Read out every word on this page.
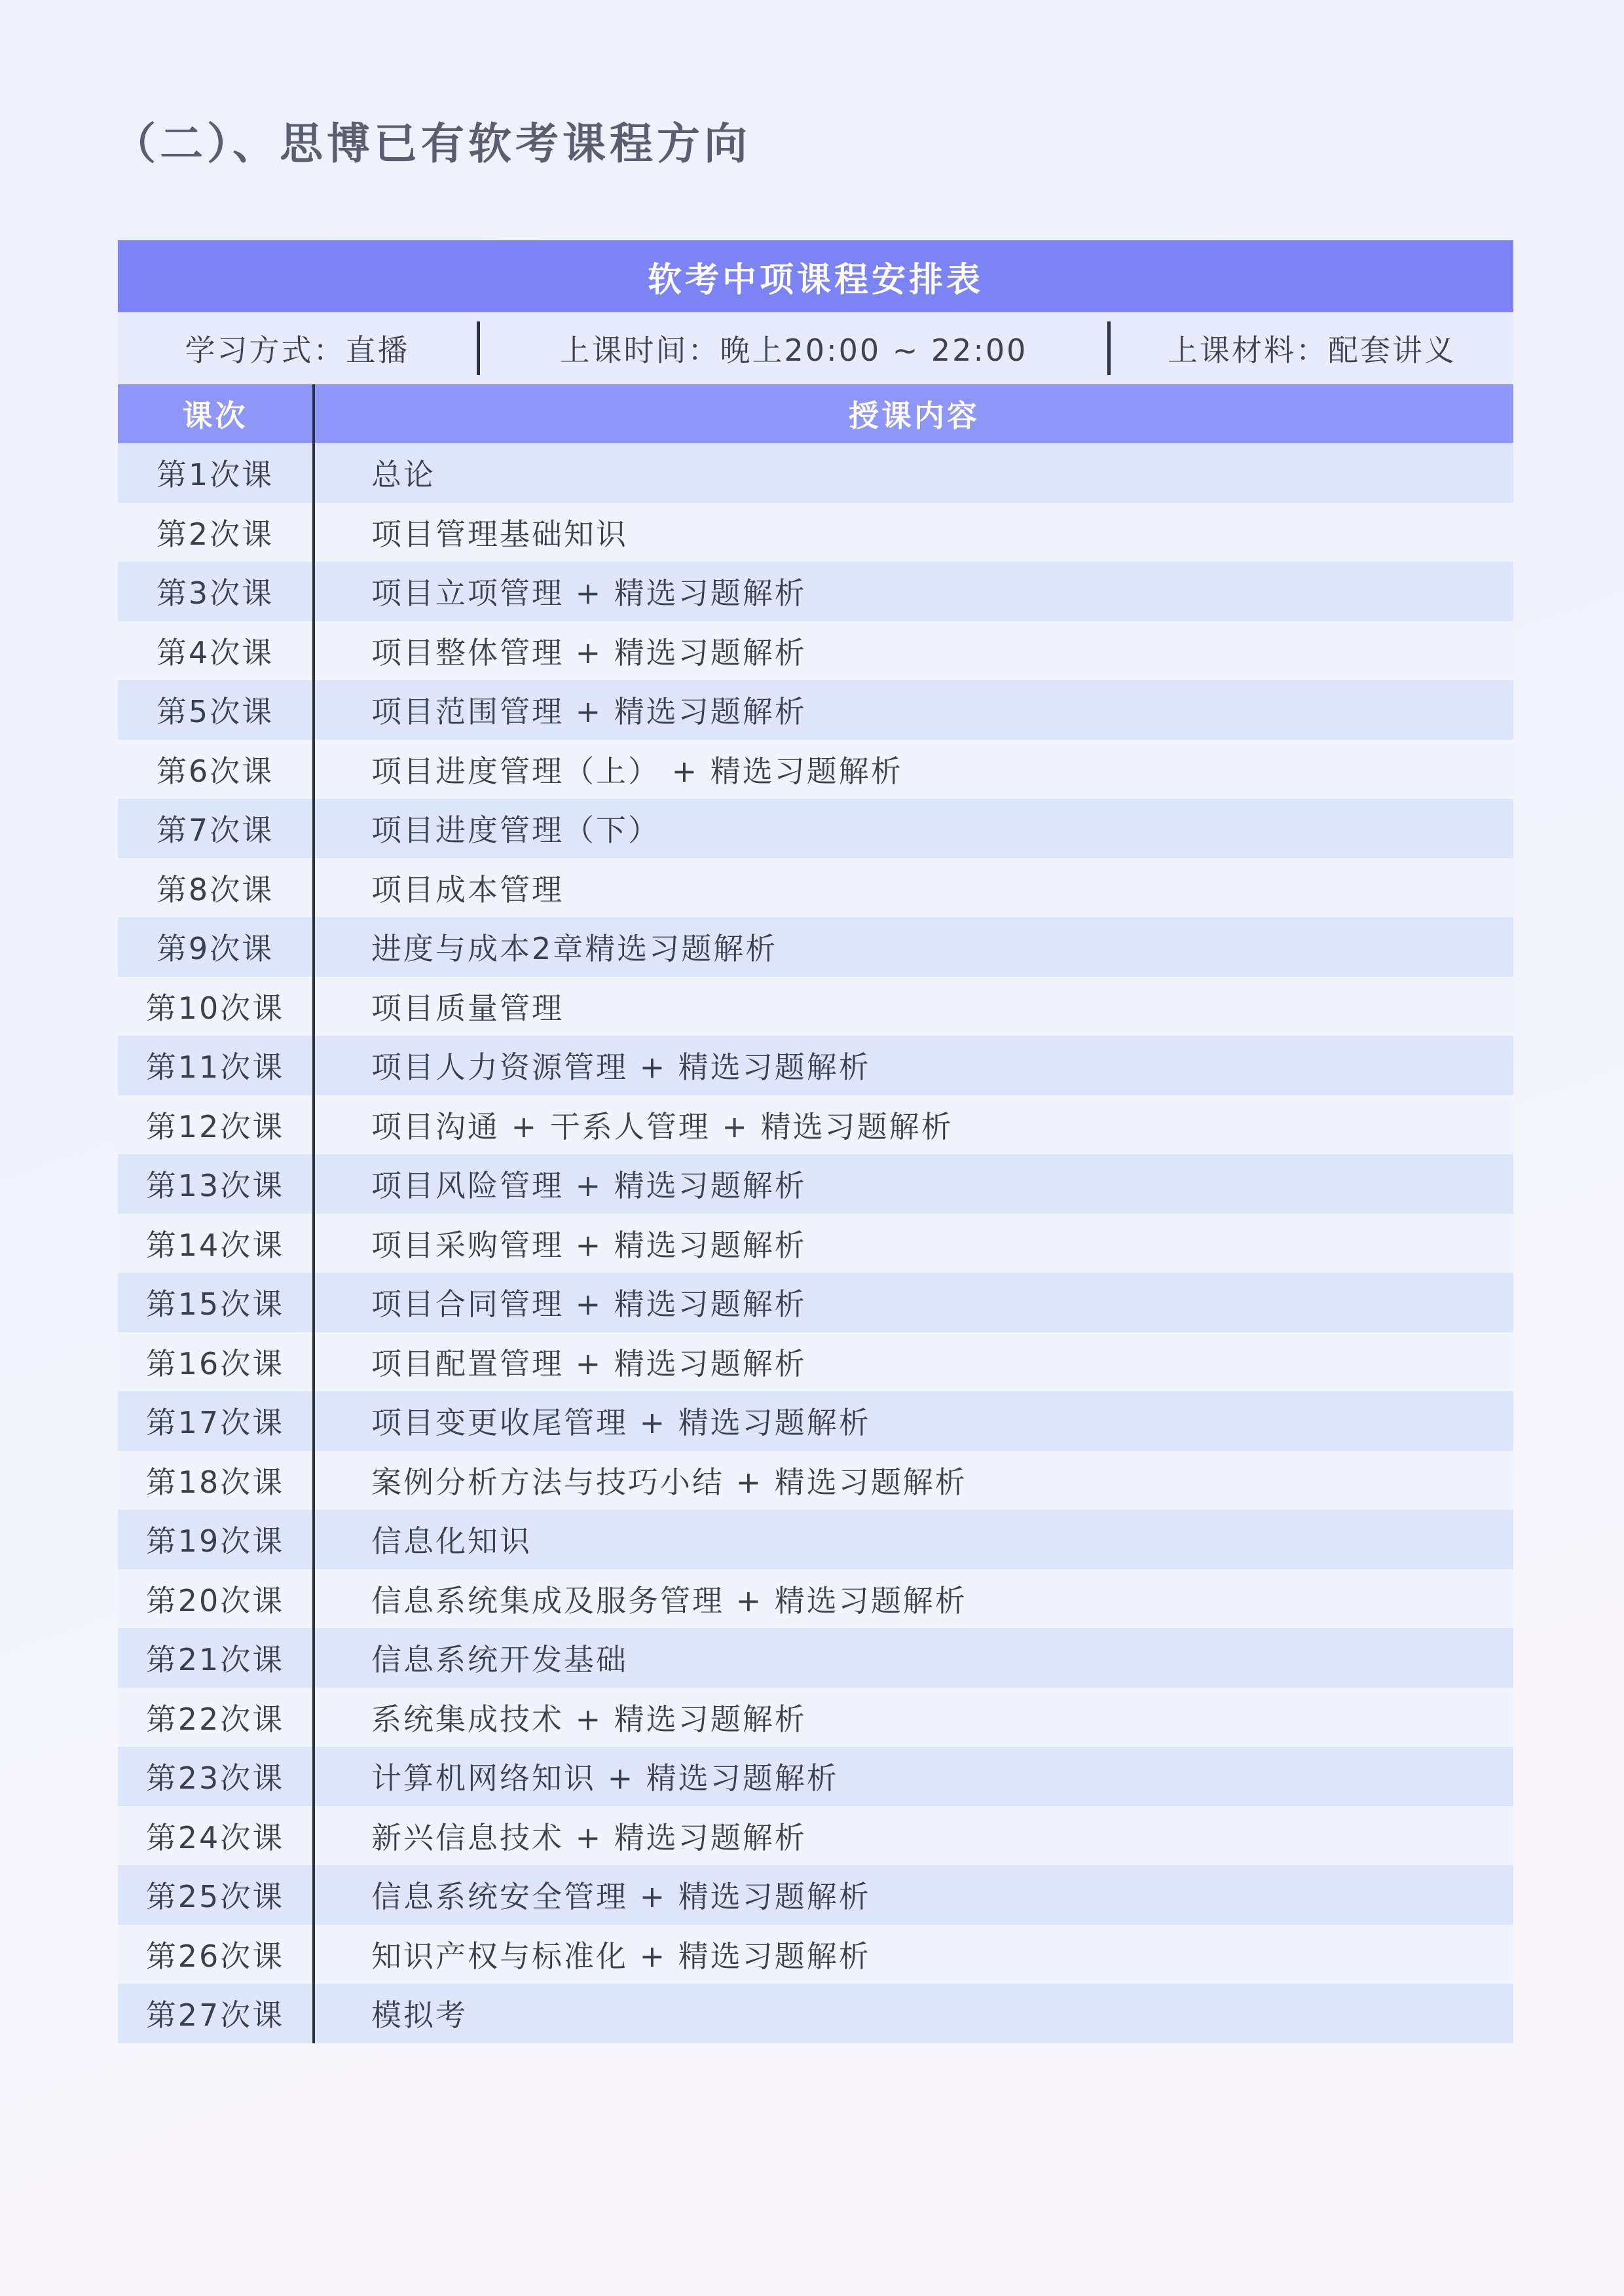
（二）、思博已有软考课程方向
软考中项课程安排表
学习方式：直播	上课时间：晚上20:00 ~ 22:00	上课材料：配套讲义
课次	授课内容
第1次课	总论
第2次课	项目管理基础知识
第3次课	项目立项管理 + 精选习题解析
第4次课	项目整体管理 + 精选习题解析
第5次课	项目范围管理 + 精选习题解析
第6次课	项目进度管理（上） + 精选习题解析
第7次课	项目进度管理（下）
第8次课	项目成本管理
第9次课	进度与成本2章精选习题解析
第10次课	项目质量管理
第11次课	项目人力资源管理 + 精选习题解析
第12次课	项目沟通 + 干系人管理 + 精选习题解析
第13次课	项目风险管理 + 精选习题解析
第14次课	项目采购管理 + 精选习题解析
第15次课	项目合同管理 + 精选习题解析
第16次课	项目配置管理 + 精选习题解析
第17次课	项目变更收尾管理 + 精选习题解析
第18次课	案例分析方法与技巧小结 + 精选习题解析
第19次课	信息化知识
第20次课	信息系统集成及服务管理 + 精选习题解析
第21次课	信息系统开发基础
第22次课	系统集成技术 + 精选习题解析
第23次课	计算机网络知识 + 精选习题解析
第24次课	新兴信息技术 + 精选习题解析
第25次课	信息系统安全管理 + 精选习题解析
第26次课	知识产权与标准化 + 精选习题解析
第27次课	模拟考
